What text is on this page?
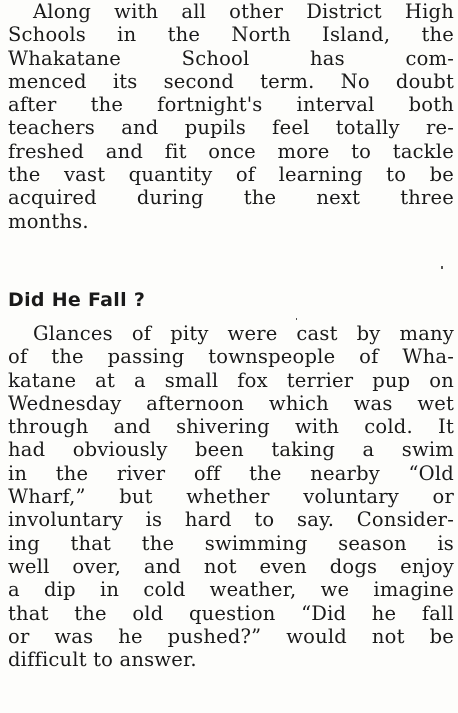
Along with all other District High
Schools in the North Island, the
Whakatane School has com-
menced its second term. No doubt
after the fortnight's interval both
teachers and pupils feel totally re-
freshed and fit once more to tackle
the vast quantity of learning to be
acquired during the next three
months.
Did He Fall ?
Glances of pity were cast by many
of the passing townspeople of Wha-
katane at a small fox terrier pup on
Wednesday afternoon which was wet
through and shivering with cold. It
had obviously been taking a swim
in the river off the nearby “Old
Wharf,” but whether voluntary or
involuntary is hard to say. Consider-
ing that the swimming season is
well over, and not even dogs enjoy
a dip in cold weather, we imagine
that the old question “Did he fall
or was he pushed?” would not be
difficult to answer.
